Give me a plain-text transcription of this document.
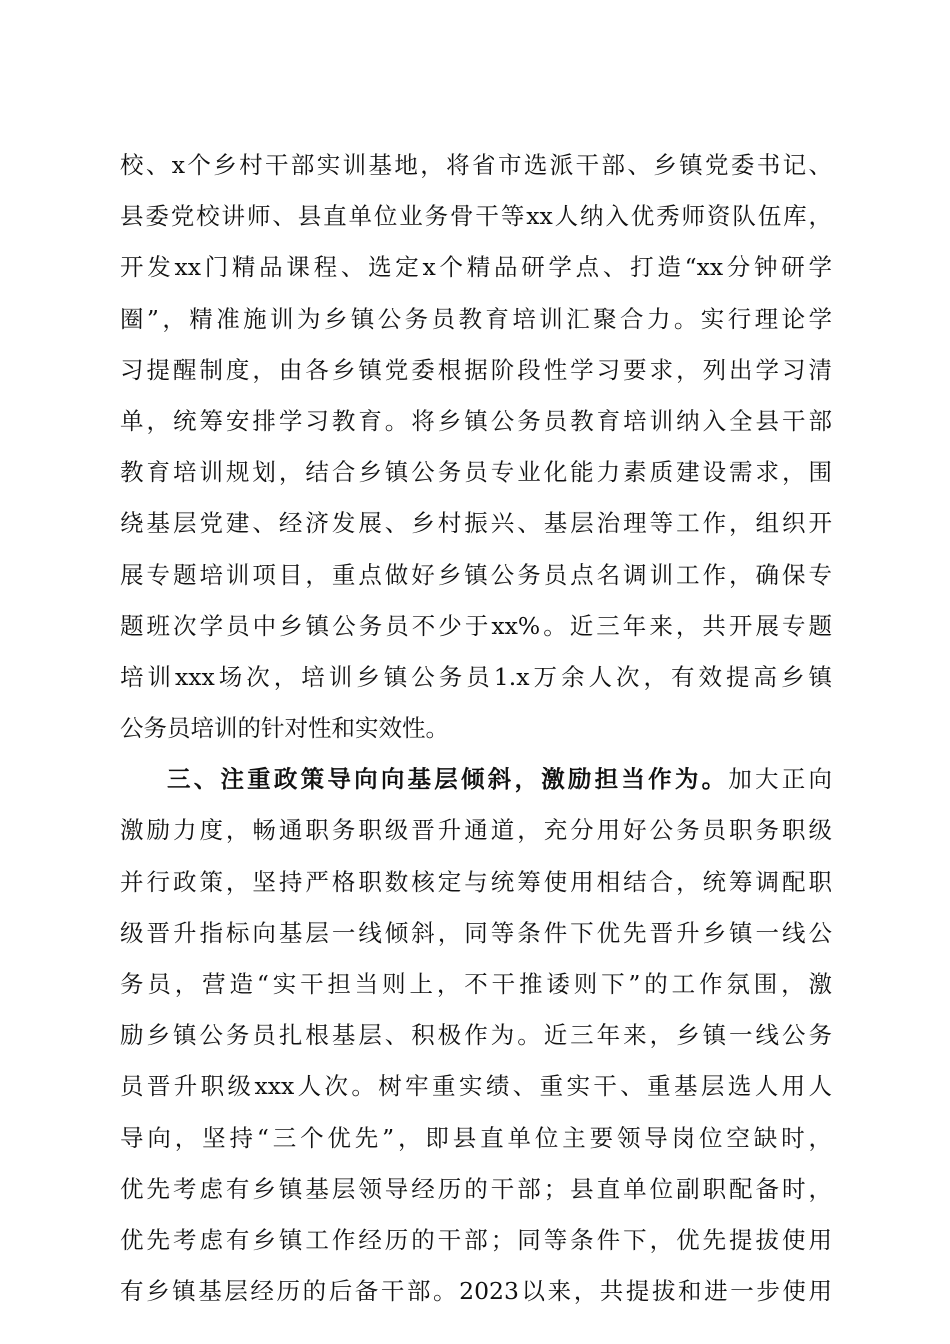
校、x个乡村干部实训基地，将省市选派干部、乡镇党委书记、
县委党校讲师、县直单位业务骨干等xx人纳入优秀师资队伍库，
开发xx门精品课程、选定x个精品研学点、打造“xx分钟研学
圈”，精准施训为乡镇公务员教育培训汇聚合力。实行理论学
习提醒制度，由各乡镇党委根据阶段性学习要求，列出学习清
单，统筹安排学习教育。将乡镇公务员教育培训纳入全县干部
教育培训规划，结合乡镇公务员专业化能力素质建设需求，围
绕基层党建、经济发展、乡村振兴、基层治理等工作，组织开
展专题培训项目，重点做好乡镇公务员点名调训工作，确保专
题班次学员中乡镇公务员不少于xx%。近三年来，共开展专题
培训xxx场次，培训乡镇公务员1.x万余人次，有效提高乡镇
公务员培训的针对性和实效性。
三、注重政策导向向基层倾斜，激励担当作为。加大正向
激励力度，畅通职务职级晋升通道，充分用好公务员职务职级
并行政策，坚持严格职数核定与统筹使用相结合，统筹调配职
级晋升指标向基层一线倾斜，同等条件下优先晋升乡镇一线公
务员，营造“实干担当则上，不干推诿则下”的工作氛围，激
励乡镇公务员扎根基层、积极作为。近三年来，乡镇一线公务
员晋升职级xxx人次。树牢重实绩、重实干、重基层选人用人
导向，坚持“三个优先”，即县直单位主要领导岗位空缺时，
优先考虑有乡镇基层领导经历的干部；县直单位副职配备时，
优先考虑有乡镇工作经历的干部；同等条件下，优先提拔使用
有乡镇基层经历的后备干部。2023以来，共提拔和进一步使用
